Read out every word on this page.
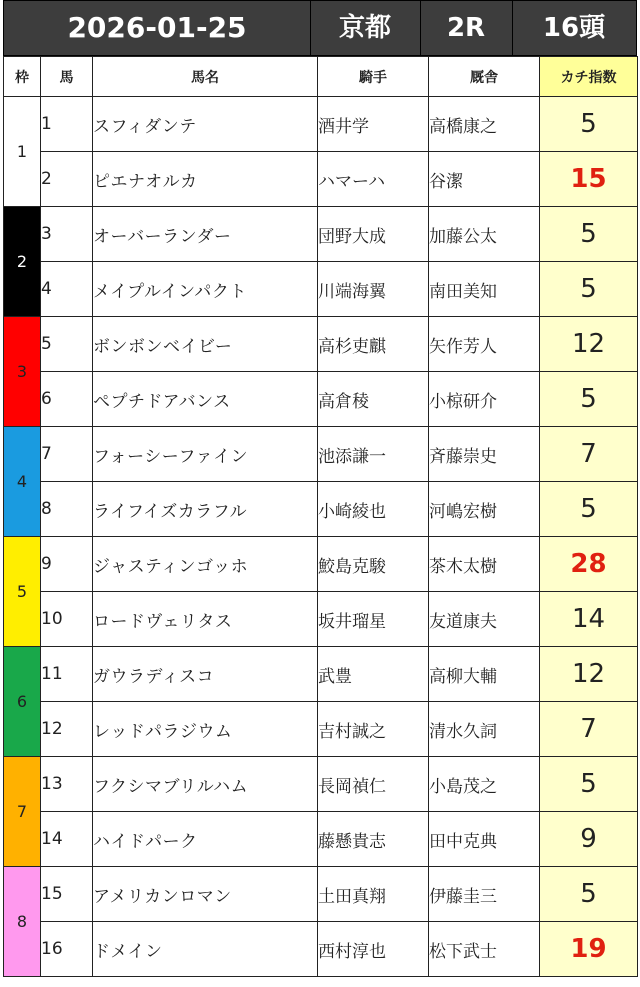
2026-01-25	京都	2R	16頭
枠	馬	馬名	騎手	厩舎	カチ指数
1	1	スフィダンテ	酒井学	高橋康之	5
	2	ピエナオルカ	ハマーハ	谷潔	15
2	3	オーバーランダー	団野大成	加藤公太	5
	4	メイプルインパクト	川端海翼	南田美知	5
3	5	ボンボンベイビー	高杉吏麒	矢作芳人	12
	6	ペプチドアバンス	高倉稜	小椋研介	5
4	7	フォーシーファイン	池添謙一	斉藤崇史	7
	8	ライフイズカラフル	小崎綾也	河嶋宏樹	5
5	9	ジャスティンゴッホ	鮫島克駿	茶木太樹	28
	10	ロードヴェリタス	坂井瑠星	友道康夫	14
6	11	ガウラディスコ	武豊	高柳大輔	12
	12	レッドパラジウム	吉村誠之	清水久詞	7
7	13	フクシマブリルハム	長岡禎仁	小島茂之	5
	14	ハイドパーク	藤懸貴志	田中克典	9
8	15	アメリカンロマン	土田真翔	伊藤圭三	5
	16	ドメイン	西村淳也	松下武士	19
